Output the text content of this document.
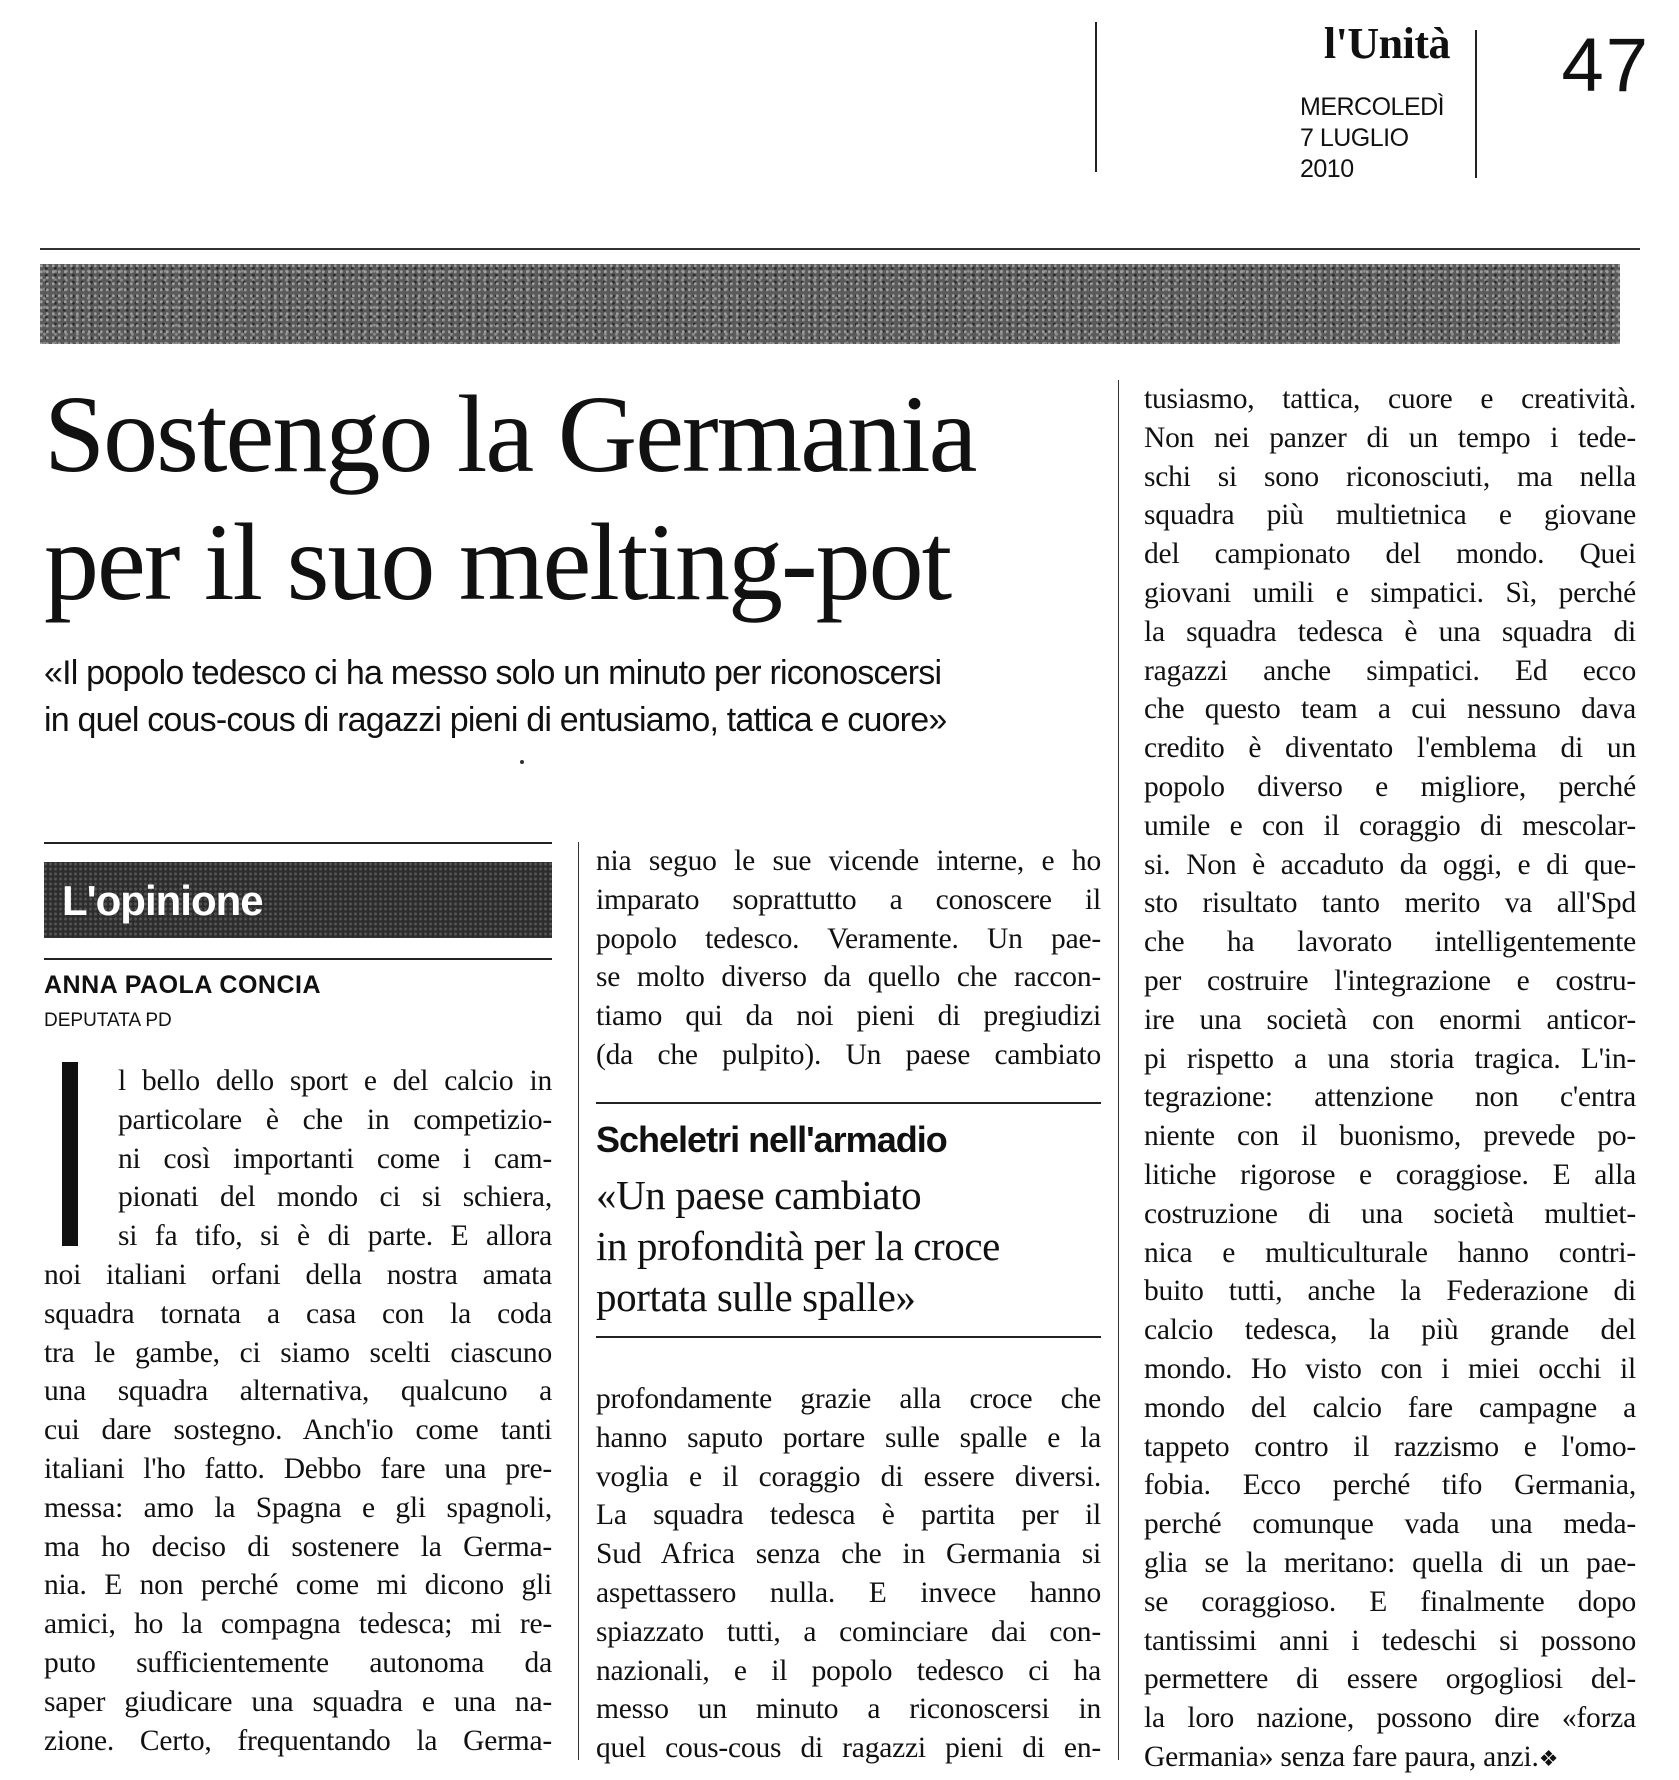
l'Unità
MERCOLEDÌ
7 LUGLIO
2010
47
Sostengo la Germania
per il suo melting-pot
«Il popolo tedesco ci ha messo solo un minuto per riconoscersi
in quel cous-cous di ragazzi pieni di entusiamo, tattica e cuore»
L'opinione
ANNA PAOLA CONCIA
DEPUTATA PD
l bello dello sport e del calcio in
particolare è che in competizio-
ni così importanti come i cam-
pionati del mondo ci si schiera,
si fa tifo, si è di parte. E allora
noi italiani orfani della nostra amata
squadra tornata a casa con la coda
tra le gambe, ci siamo scelti ciascuno
una squadra alternativa, qualcuno a
cui dare sostegno. Anch'io come tanti
italiani l'ho fatto. Debbo fare una pre-
messa: amo la Spagna e gli spagnoli,
ma ho deciso di sostenere la Germa-
nia. E non perché come mi dicono gli
amici, ho la compagna tedesca; mi re-
puto sufficientemente autonoma da
saper giudicare una squadra e una na-
zione. Certo, frequentando la Germa-
nia seguo le sue vicende interne, e ho
imparato soprattutto a conoscere il
popolo tedesco. Veramente. Un pae-
se molto diverso da quello che raccon-
tiamo qui da noi pieni di pregiudizi
(da che pulpito). Un paese cambiato
Scheletri nell'armadio
«Un paese cambiato
in profondità per la croce
portata sulle spalle»
profondamente grazie alla croce che
hanno saputo portare sulle spalle e la
voglia e il coraggio di essere diversi.
La squadra tedesca è partita per il
Sud Africa senza che in Germania si
aspettassero nulla. E invece hanno
spiazzato tutti, a cominciare dai con-
nazionali, e il popolo tedesco ci ha
messo un minuto a riconoscersi in
quel cous-cous di ragazzi pieni di en-
tusiasmo, tattica, cuore e creatività.
Non nei panzer di un tempo i tede-
schi si sono riconosciuti, ma nella
squadra più multietnica e giovane
del campionato del mondo. Quei
giovani umili e simpatici. Sì, perché
la squadra tedesca è una squadra di
ragazzi anche simpatici. Ed ecco
che questo team a cui nessuno dava
credito è diventato l'emblema di un
popolo diverso e migliore, perché
umile e con il coraggio di mescolar-
si. Non è accaduto da oggi, e di que-
sto risultato tanto merito va all'Spd
che ha lavorato intelligentemente
per costruire l'integrazione e costru-
ire una società con enormi anticor-
pi rispetto a una storia tragica. L'in-
tegrazione: attenzione non c'entra
niente con il buonismo, prevede po-
litiche rigorose e coraggiose. E alla
costruzione di una società multiet-
nica e multiculturale hanno contri-
buito tutti, anche la Federazione di
calcio tedesca, la più grande del
mondo. Ho visto con i miei occhi il
mondo del calcio fare campagne a
tappeto contro il razzismo e l'omo-
fobia. Ecco perché tifo Germania,
perché comunque vada una meda-
glia se la meritano: quella di un pae-
se coraggioso. E finalmente dopo
tantissimi anni i tedeschi si possono
permettere di essere orgogliosi del-
la loro nazione, possono dire «forza
Germania» senza fare paura, anzi.❖
